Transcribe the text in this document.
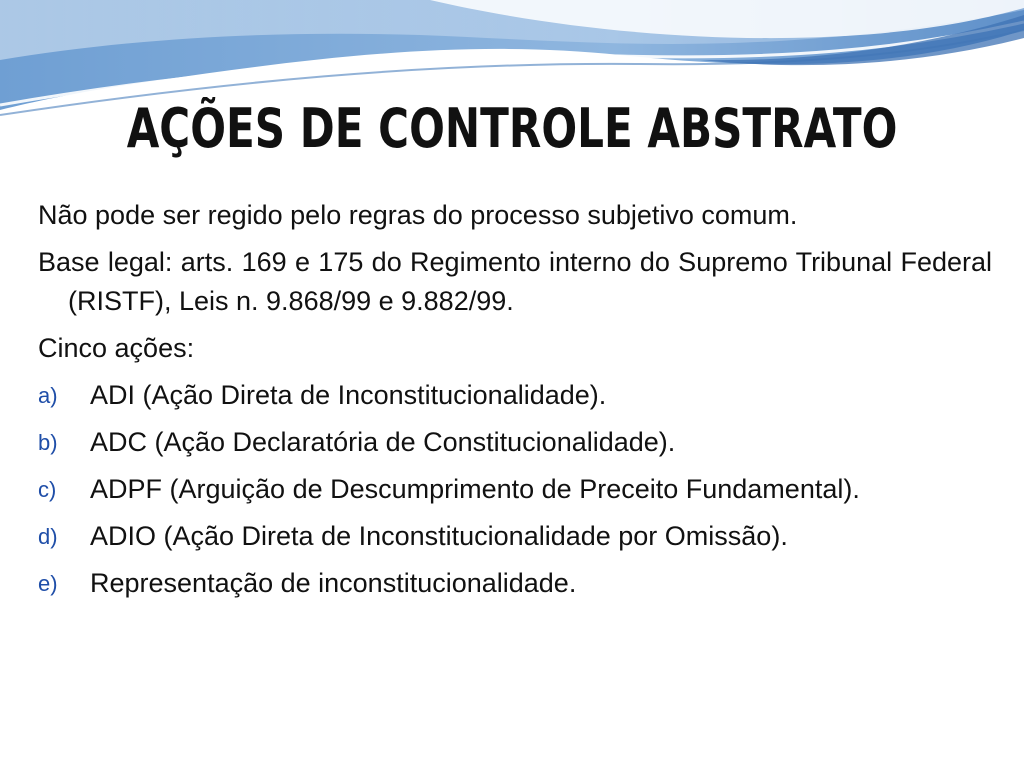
AÇÕES DE CONTROLE ABSTRATO

Não pode ser regido pelo regras do processo subjetivo comum.

Base legal: arts. 169 e 175 do Regimento interno do Supremo Tribunal Federal (RISTF), Leis n. 9.868/99 e 9.882/99.

Cinco ações:

a)	ADI (Ação Direta de Inconstitucionalidade).
b)	ADC (Ação Declaratória de Constitucionalidade).
c)	ADPF (Arguição de Descumprimento de Preceito Fundamental).
d)	ADIO (Ação Direta de Inconstitucionalidade por Omissão).
e)	Representação de inconstitucionalidade.
